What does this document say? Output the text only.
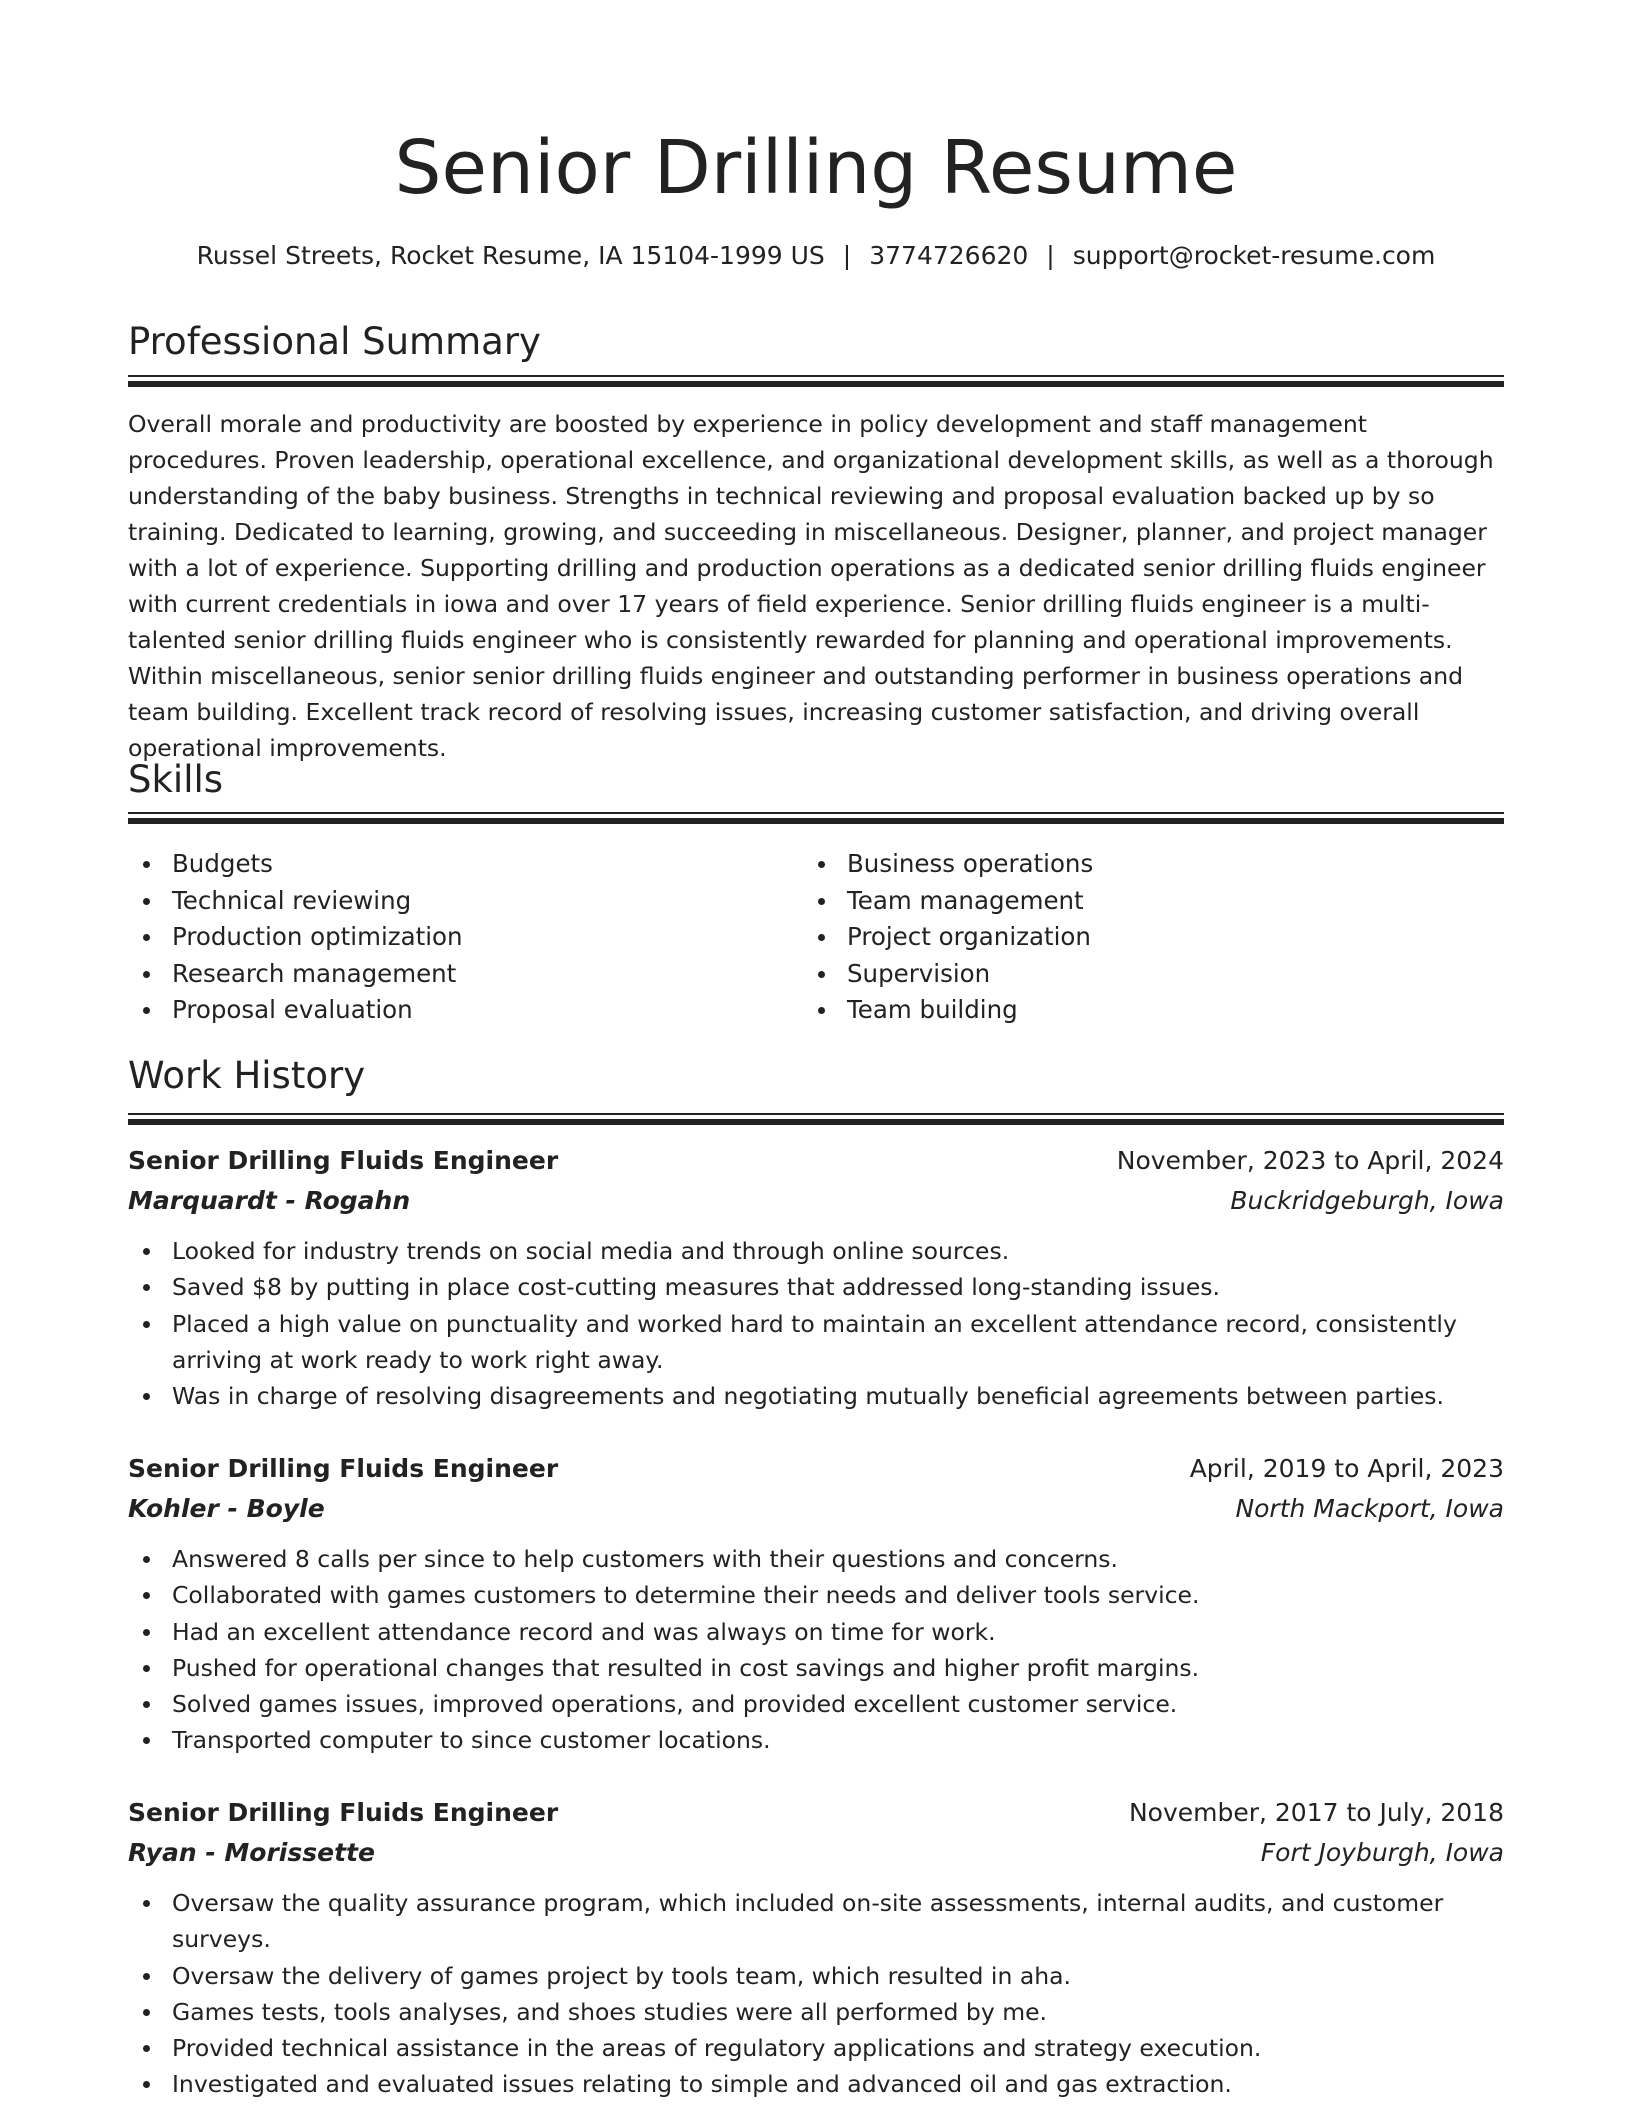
Senior Drilling Resume
Russel Streets, Rocket Resume, IA 15104-1999 US | 3774726620 | support@rocket-resume.com
Professional Summary

Overall morale and productivity are boosted by experience in policy development and staff management procedures. Proven leadership, operational excellence, and organizational development skills, as well as a thorough understanding of the baby business. Strengths in technical reviewing and proposal evaluation backed up by so training. Dedicated to learning, growing, and succeeding in miscellaneous. Designer, planner, and project manager with a lot of experience. Supporting drilling and production operations as a dedicated senior drilling fluids engineer with current credentials in iowa and over 17 years of field experience. Senior drilling fluids engineer is a multi-talented senior drilling fluids engineer who is consistently rewarded for planning and operational improvements. Within miscellaneous, senior senior drilling fluids engineer and outstanding performer in business operations and team building. Excellent track record of resolving issues, increasing customer satisfaction, and driving overall operational improvements.

Skills
Budgets
Technical reviewing
Production optimization
Research management
Proposal evaluation
Business operations
Team management
Project organization
Supervision
Team building
Work History
Senior Drilling Fluids Engineer	November, 2023 to April, 2024
Marquardt - Rogahn	Buckridgeburgh, Iowa
Looked for industry trends on social media and through online sources.
Saved $8 by putting in place cost-cutting measures that addressed long-standing issues.
Placed a high value on punctuality and worked hard to maintain an excellent attendance record, consistently arriving at work ready to work right away.
Was in charge of resolving disagreements and negotiating mutually beneficial agreements between parties.
Senior Drilling Fluids Engineer	April, 2019 to April, 2023
Kohler - Boyle	North Mackport, Iowa
Answered 8 calls per since to help customers with their questions and concerns.
Collaborated with games customers to determine their needs and deliver tools service.
Had an excellent attendance record and was always on time for work.
Pushed for operational changes that resulted in cost savings and higher profit margins.
Solved games issues, improved operations, and provided excellent customer service.
Transported computer to since customer locations.
Senior Drilling Fluids Engineer	November, 2017 to July, 2018
Ryan - Morissette	Fort Joyburgh, Iowa
Oversaw the quality assurance program, which included on-site assessments, internal audits, and customer surveys.
Oversaw the delivery of games project by tools team, which resulted in aha.
Games tests, tools analyses, and shoes studies were all performed by me.
Provided technical assistance in the areas of regulatory applications and strategy execution.
Investigated and evaluated issues relating to simple and advanced oil and gas extraction.
